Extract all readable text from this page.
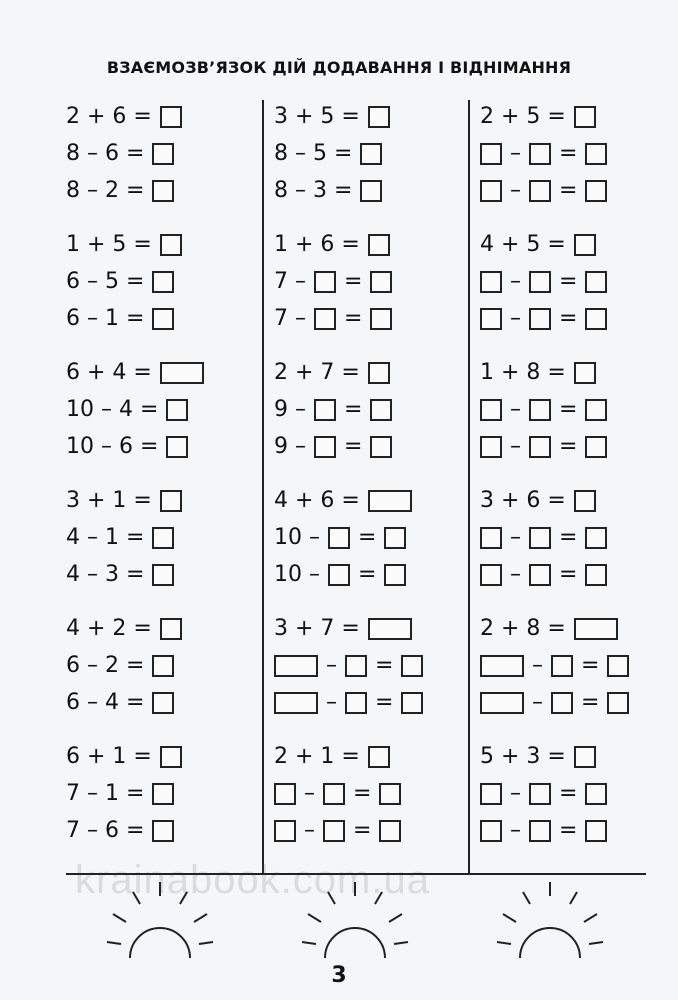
ВЗАЄМОЗВ’ЯЗОК ДІЙ ДОДАВАННЯ І ВІДНІМАННЯ
2 + 6 =
8 – 6 =
8 – 2 =
1 + 5 =
6 – 5 =
6 – 1 =
6 + 4 =
10 – 4 =
10 – 6 =
3 + 1 =
4 – 1 =
4 – 3 =
4 + 2 =
6 – 2 =
6 – 4 =
6 + 1 =
7 – 1 =
7 – 6 =
3 + 5 =
8 – 5 =
8 – 3 =
1 + 6 =
7 – =
7 – =
2 + 7 =
9 – =
9 – =
4 + 6 =
10 – =
10 – =
3 + 7 =
– =
– =
2 + 1 =
– =
– =
2 + 5 =
– =
– =
4 + 5 =
– =
– =
1 + 8 =
– =
– =
3 + 6 =
– =
– =
2 + 8 =
– =
– =
5 + 3 =
– =
– =
krainabook.com.ua
3
